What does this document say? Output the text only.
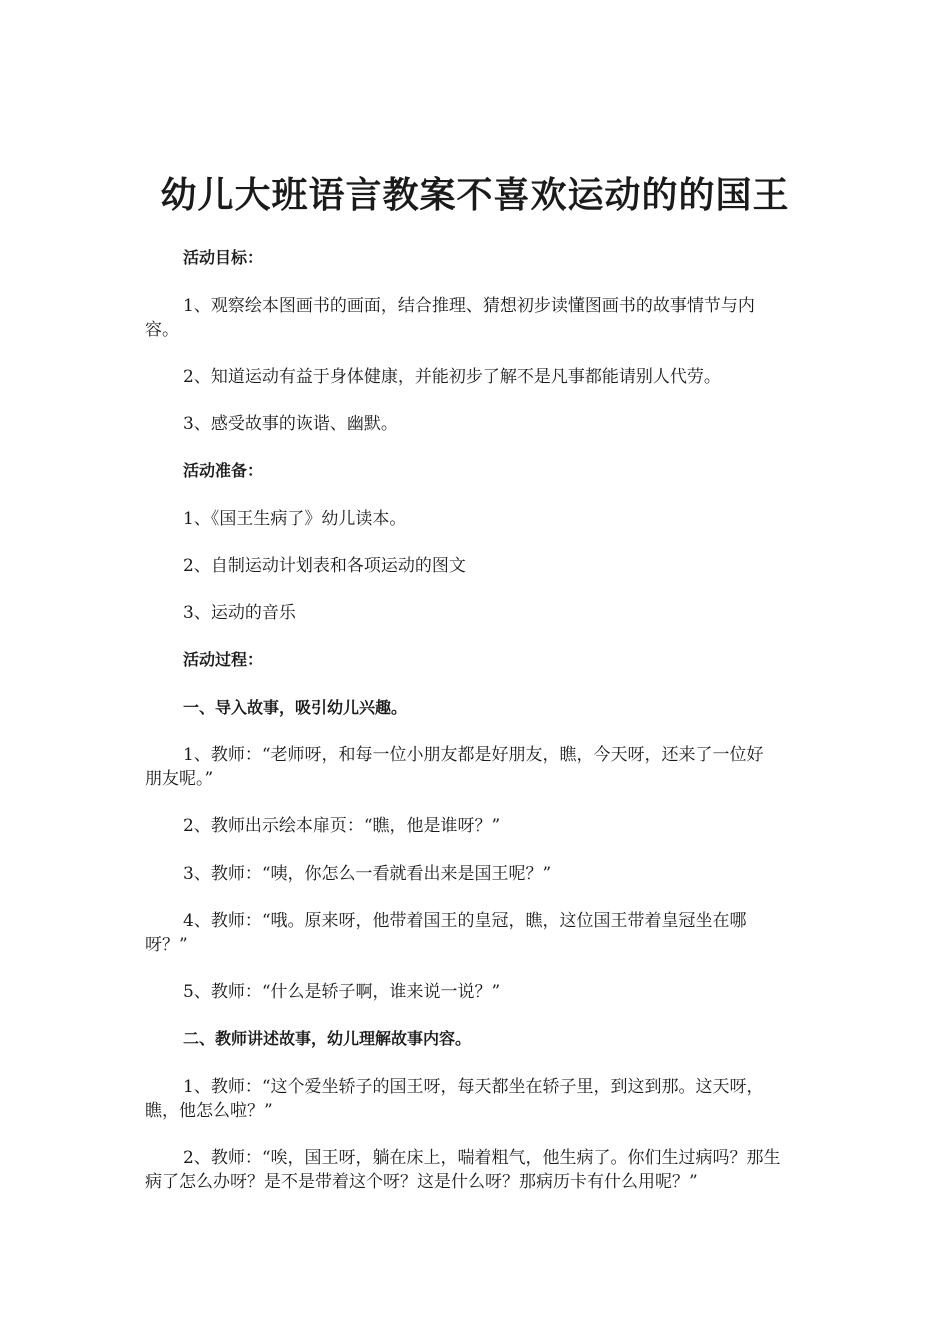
幼儿大班语言教案不喜欢运动的的国王
活动目标：
1、观察绘本图画书的画面，结合推理、猜想初步读懂图画书的故事情节与内
容。
2、知道运动有益于身体健康，并能初步了解不是凡事都能请别人代劳。
3、感受故事的诙谐、幽默。
活动准备：
1、《国王生病了》幼儿读本。
2、自制运动计划表和各项运动的图文
3、运动的音乐
活动过程：
一、导入故事，吸引幼儿兴趣。
1、教师：“老师呀，和每一位小朋友都是好朋友，瞧，今天呀，还来了一位好
朋友呢。”
2、教师出示绘本扉页：“瞧，他是谁呀？”
3、教师：“咦，你怎么一看就看出来是国王呢？”
4、教师：“哦。原来呀，他带着国王的皇冠，瞧，这位国王带着皇冠坐在哪
呀？”
5、教师：“什么是轿子啊，谁来说一说？”
二、教师讲述故事，幼儿理解故事内容。
1、教师：“这个爱坐轿子的国王呀，每天都坐在轿子里，到这到那。这天呀，
瞧，他怎么啦？”
2、教师：“唉，国王呀，躺在床上，喘着粗气，他生病了。你们生过病吗？那生
病了怎么办呀？是不是带着这个呀？这是什么呀？那病历卡有什么用呢？”
